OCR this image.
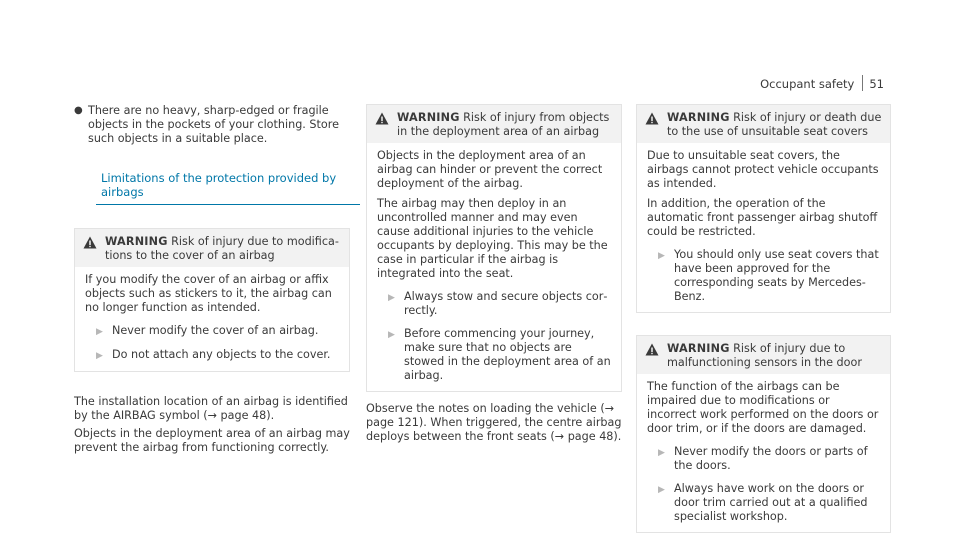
Occupant safety 51
● There are no heavy, sharp-edged or fragile objects in the pockets of your clothing. Store such objects in a suitable place.
Limitations of the protection provided by airbags
WARNING Risk of injury due to modifications to the cover of an airbag

If you modify the cover of an airbag or affix objects such as stickers to it, the airbag can no longer function as intended.

▶ Never modify the cover of an airbag.
▶ Do not attach any objects to the cover.

The installation location of an airbag is identified by the AIRBAG symbol (→ page 48).

Objects in the deployment area of an airbag may prevent the airbag from functioning correctly.

WARNING Risk of injury from objects in the deployment area of an airbag

Objects in the deployment area of an airbag can hinder or prevent the correct deployment of the airbag.

The airbag may then deploy in an uncontrolled manner and may even cause additional injuries to the vehicle occupants by deploying. This may be the case in particular if the airbag is integrated into the seat.

▶ Always stow and secure objects correctly.
▶ Before commencing your journey, make sure that no objects are stowed in the deployment area of an airbag.

Observe the notes on loading the vehicle (→ page 121). When triggered, the centre airbag deploys between the front seats (→ page 48).

WARNING Risk of injury or death due to the use of unsuitable seat covers

Due to unsuitable seat covers, the airbags cannot protect vehicle occupants as intended.

In addition, the operation of the automatic front passenger airbag shutoff could be restricted.

▶ You should only use seat covers that have been approved for the corresponding seats by Mercedes-Benz.
WARNING Risk of injury due to malfunctioning sensors in the door

The function of the airbags can be impaired due to modifications or incorrect work performed on the doors or door trim, or if the doors are damaged.

▶ Never modify the doors or parts of the doors.
▶ Always have work on the doors or door trim carried out at a qualified specialist workshop.
